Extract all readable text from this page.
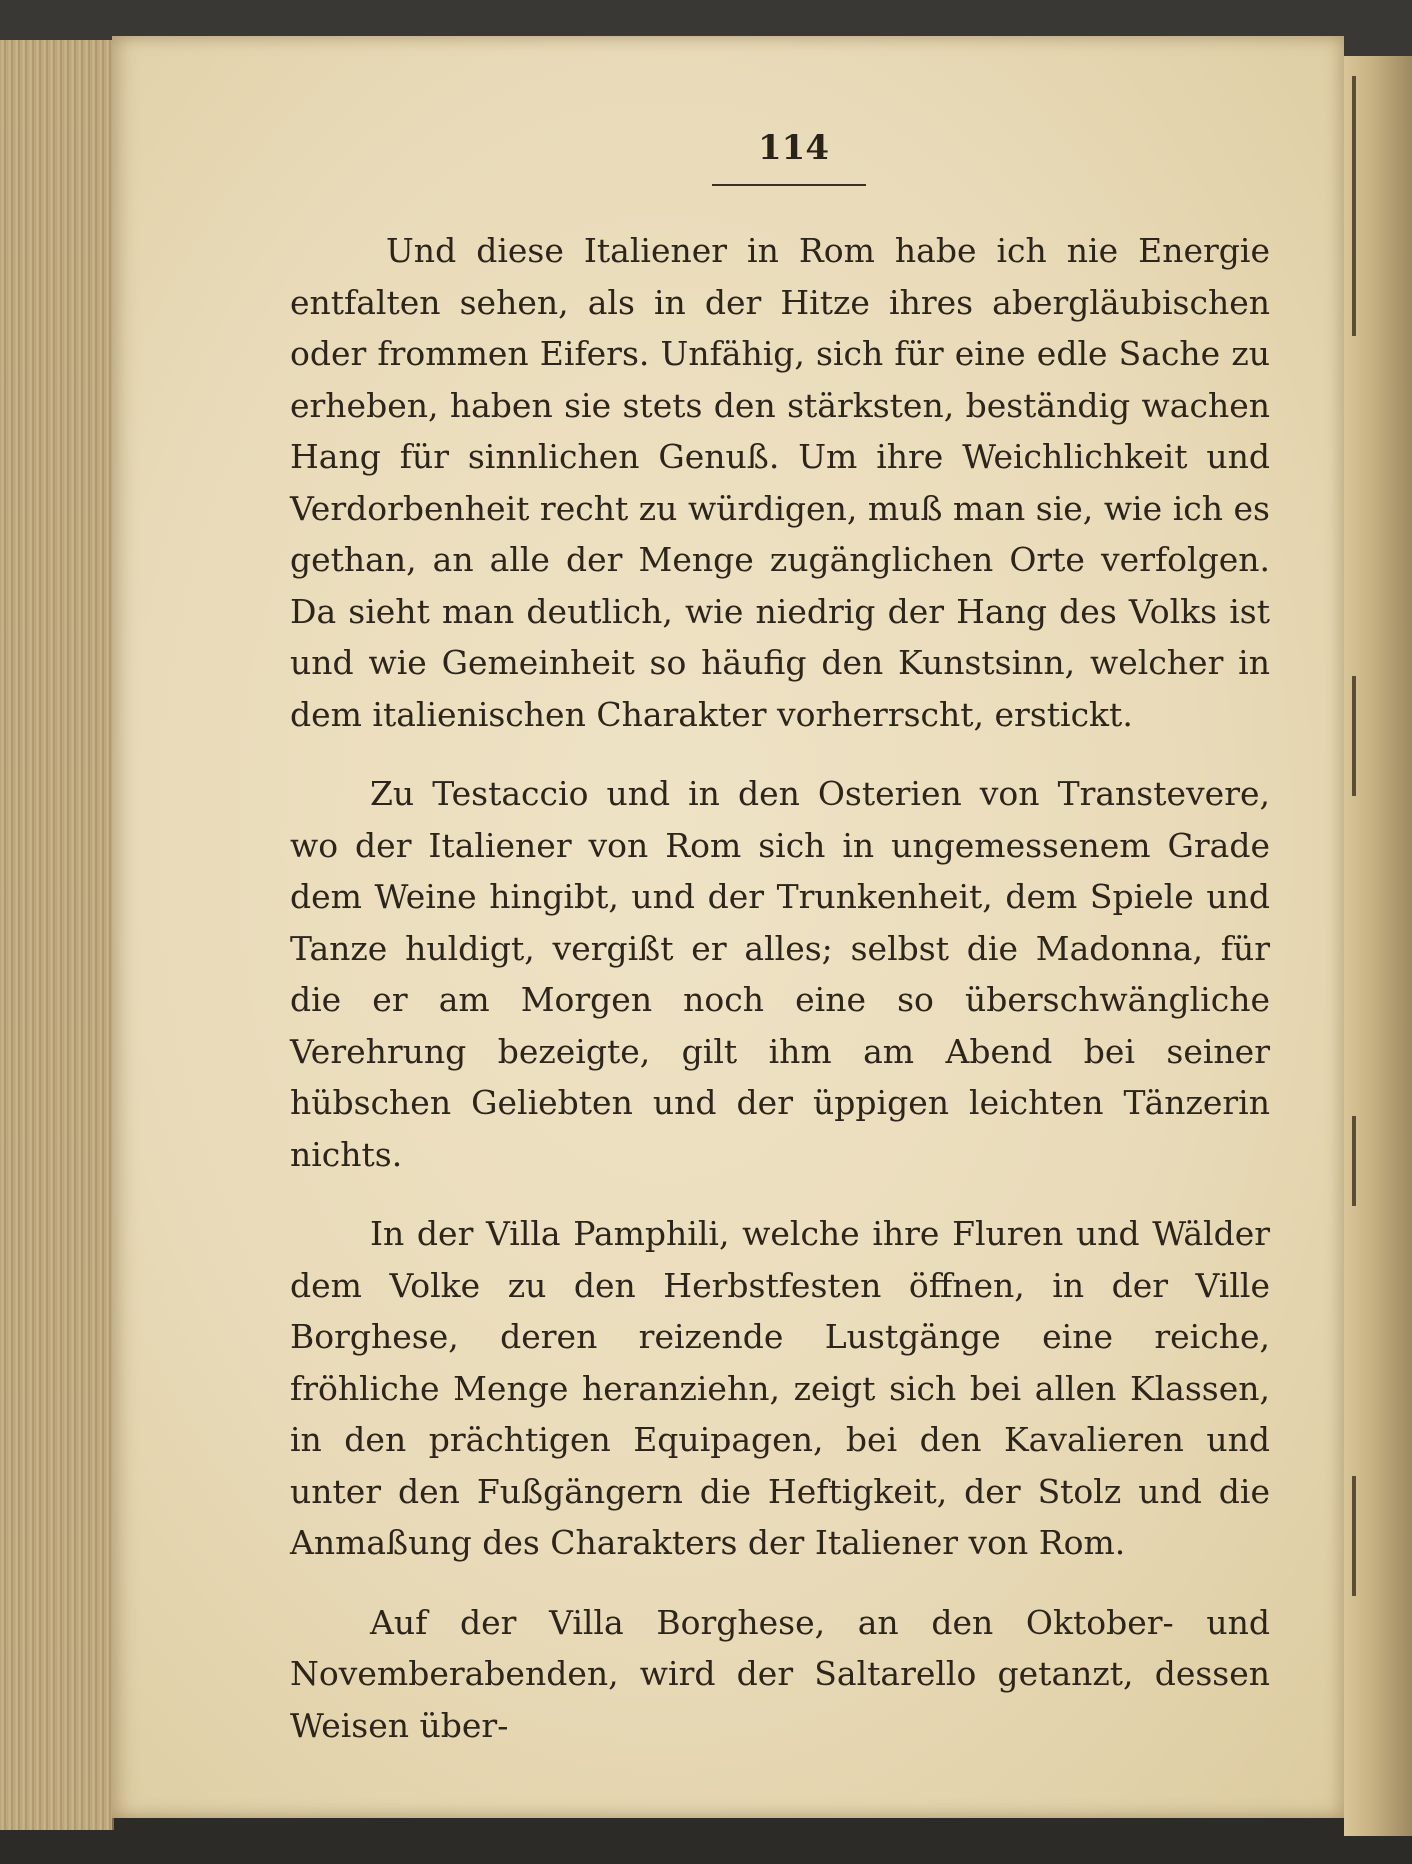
114

Und diese Italiener in Rom habe ich nie Energie entfalten sehen, als in der Hitze ihres abergläubischen oder frommen Eifers. Unfähig, sich für eine edle Sache zu erheben, haben sie stets den stärksten, beständig wachen Hang für sinnlichen Genuß. Um ihre Weichlichkeit und Verdorbenheit recht zu würdigen, muß man sie, wie ich es gethan, an alle der Menge zugänglichen Orte verfolgen. Da sieht man deutlich, wie niedrig der Hang des Volks ist und wie Gemeinheit so häufig den Kunstsinn, welcher in dem italienischen Charakter vorherrscht, erstickt.

Zu Testaccio und in den Osterien von Transtevere, wo der Italiener von Rom sich in ungemessenem Grade dem Weine hingibt, und der Trunkenheit, dem Spiele und Tanze huldigt, vergißt er alles; selbst die Madonna, für die er am Morgen noch eine so überschwängliche Verehrung bezeigte, gilt ihm am Abend bei seiner hübschen Geliebten und der üppigen leichten Tänzerin nichts.

In der Villa Pamphili, welche ihre Fluren und Wälder dem Volke zu den Herbstfesten öffnen, in der Ville Borghese, deren reizende Lustgänge eine reiche, fröhliche Menge heranziehn, zeigt sich bei allen Klassen, in den prächtigen Equipagen, bei den Kavalieren und unter den Fußgängern die Heftigkeit, der Stolz und die Anmaßung des Charakters der Italiener von Rom.

Auf der Villa Borghese, an den Oktober- und Novemberabenden, wird der Saltarello getanzt, dessen Weisen über-
